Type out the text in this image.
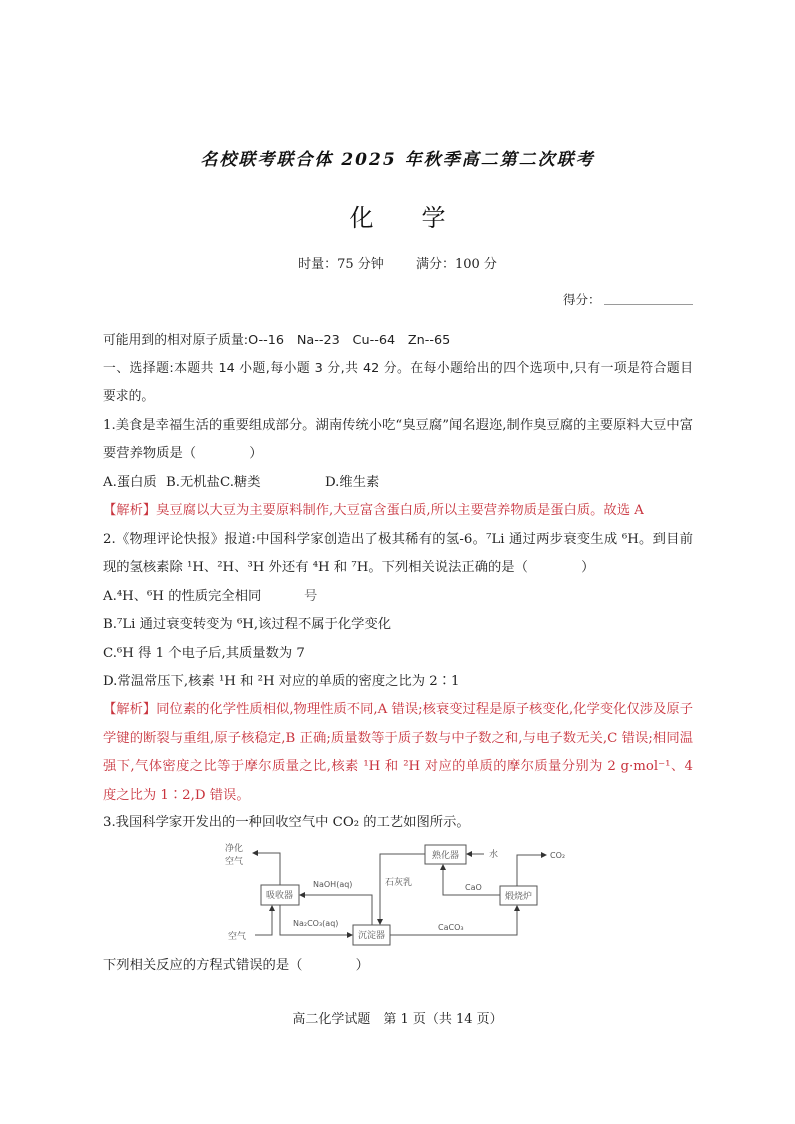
名校联考联合体 2025 年秋季高二第二次联考
化　　学
时量：75 分钟 满分：100 分
得分：
可能用到的相对原子质量:O--16　Na--23　Cu--64　Zn--65
一、选择题:本题共 14 小题,每小题 3 分,共 42 分。在每小题给出的四个选项中,只有一项是符合题目
要求的。
1.美食是幸福生活的重要组成部分。湖南传统小吃“臭豆腐”闻名遐迩,制作臭豆腐的主要原料大豆中富
要营养物质是（　　　　）
A.蛋白质 B.无机盐 C.糖类	D.维生素
【解析】臭豆腐以大豆为主要原料制作,大豆富含蛋白质,所以主要营养物质是蛋白质。故选 A
2.《物理评论快报》报道:中国科学家创造出了极其稀有的氢-6。⁷Li 通过两步衰变生成 ⁶H。到目前
现的氢核素除 ¹H、²H、³H 外还有 ⁴H 和 ⁷H。下列相关说法正确的是（　　　　）
A.⁴H、⁶H 的性质完全相同	号
B.⁷Li 通过衰变转变为 ⁶H,该过程不属于化学变化
C.⁶H 得 1 个电子后,其质量数为 7
D.常温常压下,核素 ¹H 和 ²H 对应的单质的密度之比为 2∶1
【解析】同位素的化学性质相似,物理性质不同,A 错误;核衰变过程是原子核变化,化学变化仅涉及原子
学键的断裂与重组,原子核稳定,B 正确;质量数等于质子数与中子数之和,与电子数无关,C 错误;相同温
强下,气体密度之比等于摩尔质量之比,核素 ¹H 和 ²H 对应的单质的摩尔质量分别为 2 g·mol⁻¹、4
度之比为 1∶2,D 错误。
3.我国科学家开发出的一种回收空气中 CO₂ 的工艺如图所示。
吸收器
沉淀器
熟化器
煅烧炉
净化
空气
空气
NaOH(aq)
Na₂CO₃(aq)
石灰乳
水	CO₂
CaO
CaCO₃
下列相关反应的方程式错误的是（　　　　）
高二化学试题　第 1 页（共 14 页）
